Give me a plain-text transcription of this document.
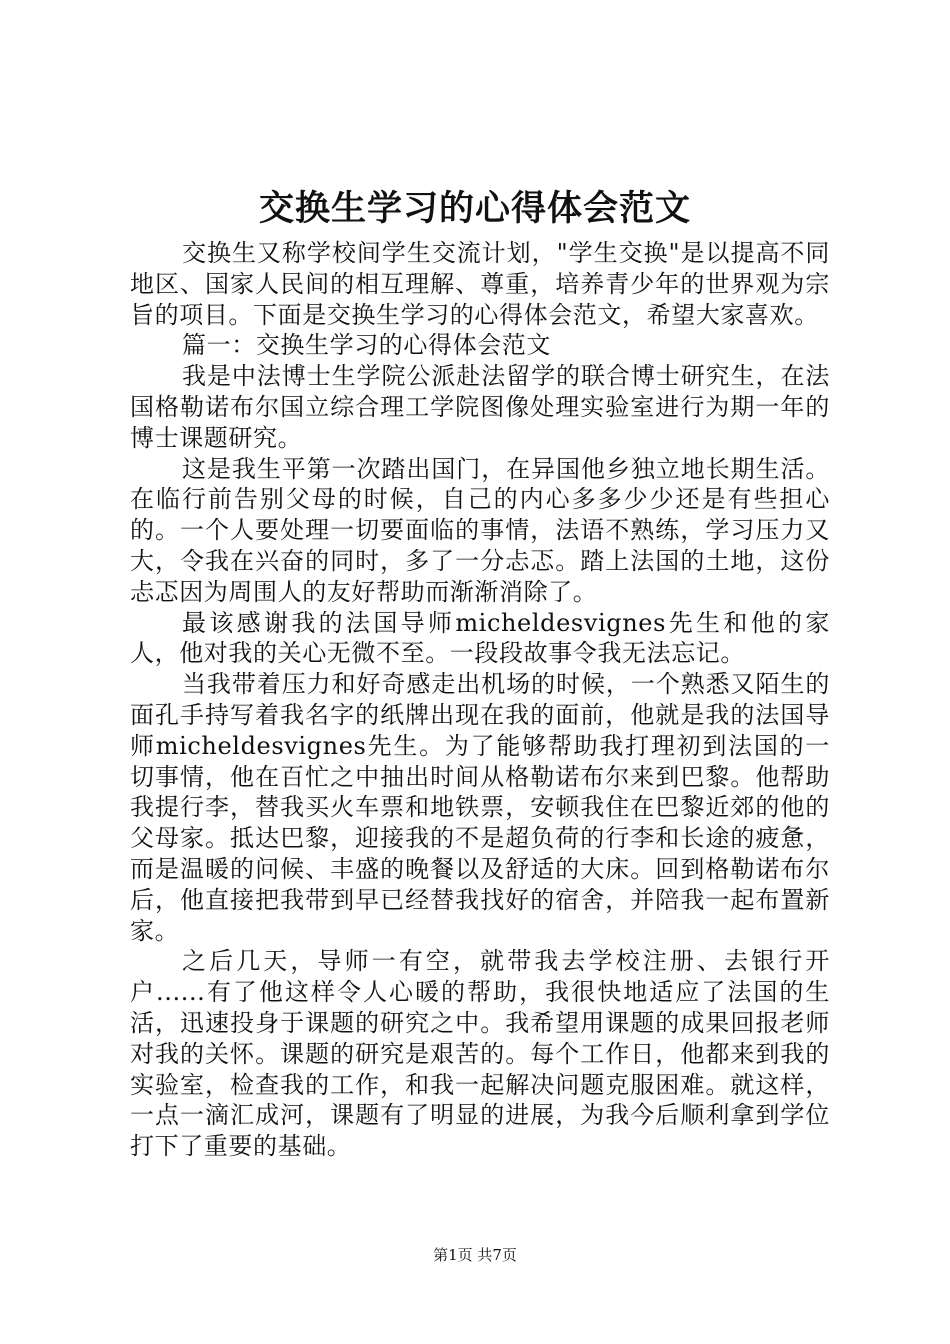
交换生学习的心得体会范文

交换生又称学校间学生交流计划，"学生交换"是以提高不同地区、国家人民间的相互理解、尊重，培养青少年的世界观为宗旨的项目。下面是交换生学习的心得体会范文，希望大家喜欢。

篇一：交换生学习的心得体会范文

我是中法博士生学院公派赴法留学的联合博士研究生，在法国格勒诺布尔国立综合理工学院图像处理实验室进行为期一年的博士课题研究。

这是我生平第一次踏出国门，在异国他乡独立地长期生活。在临行前告别父母的时候，自己的内心多多少少还是有些担心的。一个人要处理一切要面临的事情，法语不熟练，学习压力又大，令我在兴奋的同时，多了一分忐忑。踏上法国的土地，这份忐忑因为周围人的友好帮助而渐渐消除了。

最该感谢我的法国导师micheldesvignes先生和他的家人，他对我的关心无微不至。一段段故事令我无法忘记。

当我带着压力和好奇感走出机场的时候，一个熟悉又陌生的面孔手持写着我名字的纸牌出现在我的面前，他就是我的法国导师micheldesvignes先生。为了能够帮助我打理初到法国的一切事情，他在百忙之中抽出时间从格勒诺布尔来到巴黎。他帮助我提行李，替我买火车票和地铁票，安顿我住在巴黎近郊的他的父母家。抵达巴黎，迎接我的不是超负荷的行李和长途的疲惫，而是温暖的问候、丰盛的晚餐以及舒适的大床。回到格勒诺布尔后，他直接把我带到早已经替我找好的宿舍，并陪我一起布置新家。

之后几天，导师一有空，就带我去学校注册、去银行开户......有了他这样令人心暖的帮助，我很快地适应了法国的生活，迅速投身于课题的研究之中。我希望用课题的成果回报老师对我的关怀。课题的研究是艰苦的。每个工作日，他都来到我的实验室，检查我的工作，和我一起解决问题克服困难。就这样，一点一滴汇成河，课题有了明显的进展，为我今后顺利拿到学位打下了重要的基础。

第1页 共7页
